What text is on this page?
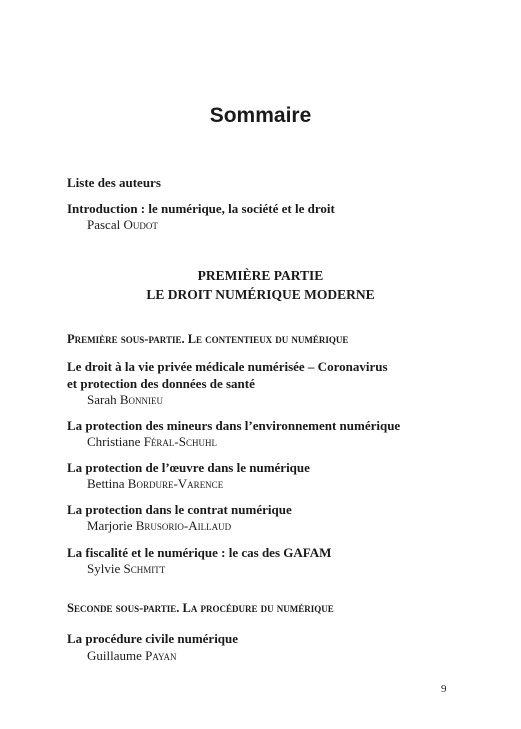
Sommaire
Liste des auteurs
Introduction : le numérique, la société et le droit
Pascal Oudot
PREMIÈRE PARTIE
LE DROIT NUMÉRIQUE MODERNE
Première sous-partie. Le contentieux du numérique
Le droit à la vie privée médicale numérisée – Coronavirus
et protection des données de santé
Sarah Bonnieu
La protection des mineurs dans l’environnement numérique
Christiane Féral-Schuhl
La protection de l’œuvre dans le numérique
Bettina Bordure-Varence
La protection dans le contrat numérique
Marjorie Brusorio-Aillaud
La fiscalité et le numérique : le cas des GAFAM
Sylvie Schmitt
Seconde sous-partie. La procédure du numérique
La procédure civile numérique
Guillaume Payan
9
